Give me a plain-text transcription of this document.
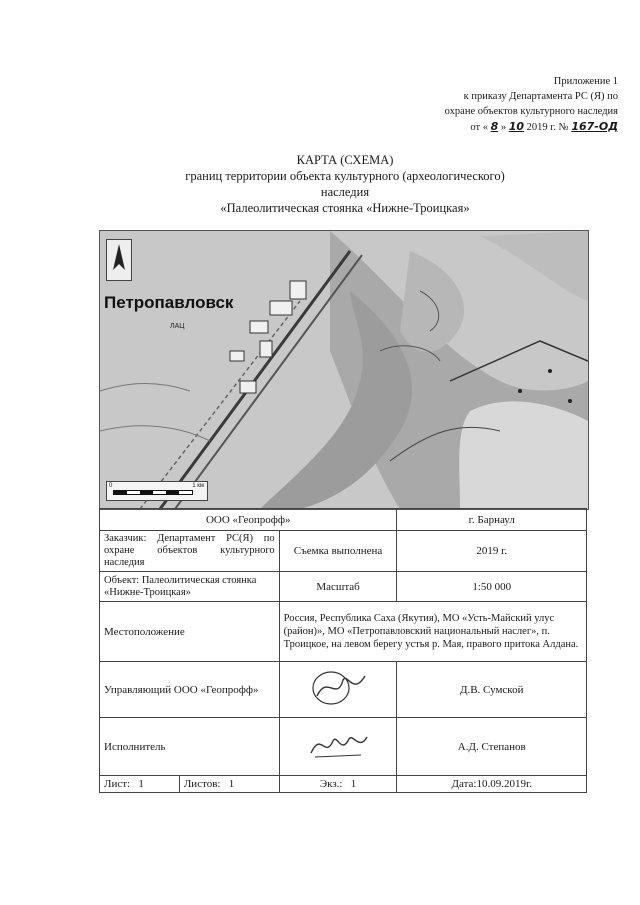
Приложение 1
к приказу Департамента РС (Я) по
охране объектов культурного наследия
от « 8 » 10 2019 г. № 167-ОД
КАРТА (СХЕМА)
границ территории объекта культурного (археологического)
наследия
«Палеолитическая стоянка «Нижне-Троицкая»
Петропавловск
ЛАЦ
0	1 км
ООО «Геопрофф»			г. Барнаул
Заказчик: Департамент РС(Я) по охране объектов культурного наследия		Съемка выполнена	2019 г.
Объект: Палеолитическая стоянка «Нижне-Троицкая»		Масштаб	1:50 000
Местоположение		Россия, Республика Саха (Якутия), МО «Усть-Майский улус (район)», МО «Петропавловский национальный наслег», п. Троицкое, на левом берегу устья р. Мая, правого притока Алдана.	
Управляющий ООО «Геопрофф»			Д.В. Сумской
Исполнитель			А.Д. Степанов
Лист: 1	Листов: 1	Экз.: 1	Дата:10.09.2019г.
